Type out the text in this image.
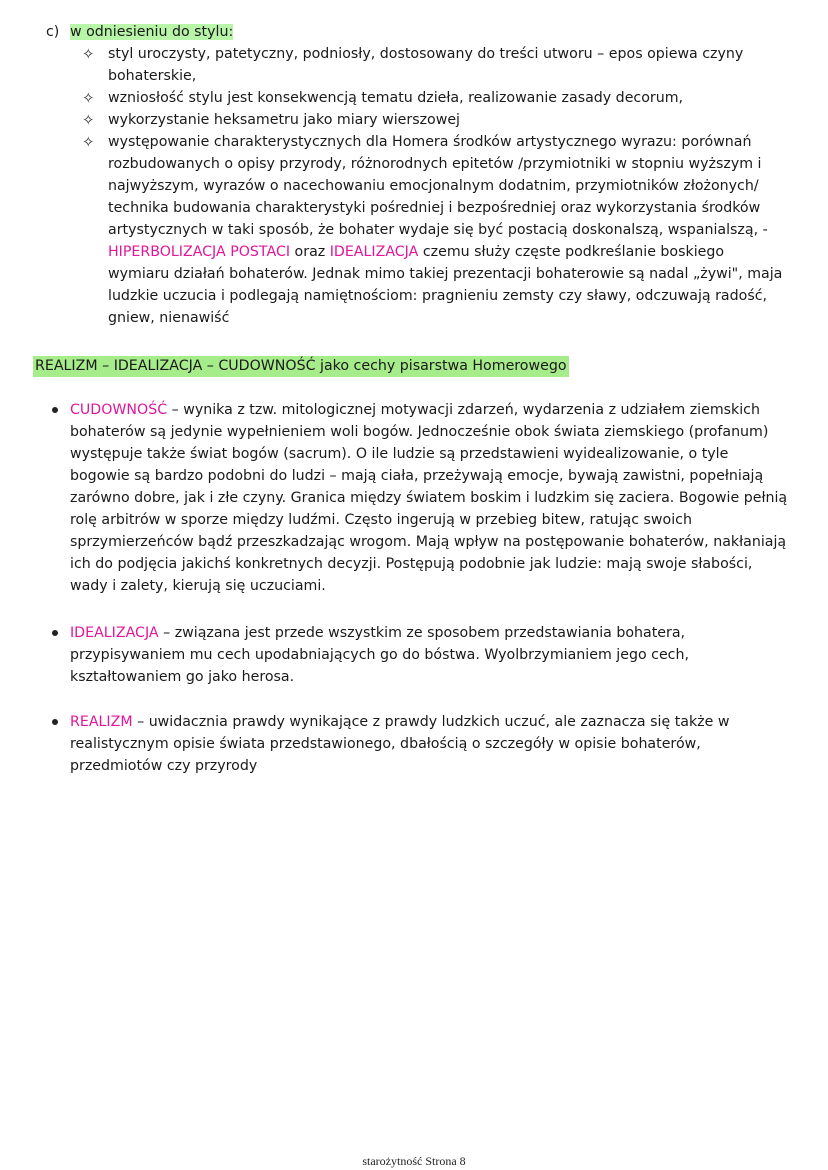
c) w odniesieniu do stylu:
✧ styl uroczysty, patetyczny, podniosły, dostosowany do treści utworu – epos opiewa czyny
bohaterskie,
✧ wzniosłość stylu jest konsekwencją tematu dzieła, realizowanie zasady decorum,
✧ wykorzystanie heksametru jako miary wierszowej
✧ występowanie charakterystycznych dla Homera środków artystycznego wyrazu: porównań
rozbudowanych o opisy przyrody, różnorodnych epitetów /przymiotniki w stopniu wyższym i
najwyższym, wyrazów o nacechowaniu emocjonalnym dodatnim, przymiotników złożonych/
technika budowania charakterystyki pośredniej i bezpośredniej oraz wykorzystania środków
artystycznych w taki sposób, że bohater wydaje się być postacią doskonalszą, wspanialszą, -
HIPERBOLIZACJA POSTACI oraz IDEALIZACJA czemu służy częste podkreślanie boskiego
wymiaru działań bohaterów. Jednak mimo takiej prezentacji bohaterowie są nadal „żywi", maja
ludzkie uczucia i podlegają namiętnościom: pragnieniu zemsty czy sławy, odczuwają radość,
gniew, nienawiść
REALIZM – IDEALIZACJA – CUDOWNOŚĆ jako cechy pisarstwa Homerowego
CUDOWNOŚĆ – wynika z tzw. mitologicznej motywacji zdarzeń, wydarzenia z udziałem ziemskich
bohaterów są jedynie wypełnieniem woli bogów. Jednocześnie obok świata ziemskiego (profanum)
występuje także świat bogów (sacrum). O ile ludzie są przedstawieni wyidealizowanie, o tyle
bogowie są bardzo podobni do ludzi – mają ciała, przeżywają emocje, bywają zawistni, popełniają
zarówno dobre, jak i złe czyny. Granica między światem boskim i ludzkim się zaciera. Bogowie pełnią
rolę arbitrów w sporze między ludźmi. Często ingerują w przebieg bitew, ratując swoich
sprzymierzeńców bądź przeszkadzając wrogom. Mają wpływ na postępowanie bohaterów, nakłaniają
ich do podjęcia jakichś konkretnych decyzji. Postępują podobnie jak ludzie: mają swoje słabości,
wady i zalety, kierują się uczuciami.
IDEALIZACJA – związana jest przede wszystkim ze sposobem przedstawiania bohatera,
przypisywaniem mu cech upodabniających go do bóstwa. Wyolbrzymianiem jego cech,
kształtowaniem go jako herosa.
REALIZM – uwidacznia prawdy wynikające z prawdy ludzkich uczuć, ale zaznacza się także w
realistycznym opisie świata przedstawionego, dbałością o szczegóły w opisie bohaterów,
przedmiotów czy przyrody
starożytność Strona 8
